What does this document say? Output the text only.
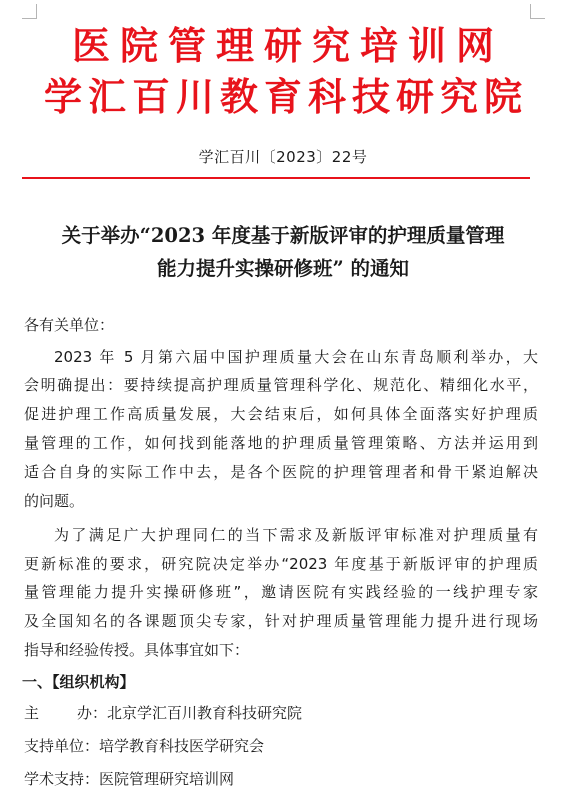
医院管理研究培训网
学汇百川教育科技研究院
学汇百川〔2023〕22号
关于举办“2023 年度基于新版评审的护理质量管理
能力提升实操研修班” 的通知
各有关单位：
2023 年 5 月第六届中国护理质量大会在山东青岛顺利举办，大
会明确提出：要持续提高护理质量管理科学化、规范化、精细化水平，
促进护理工作高质量发展，大会结束后，如何具体全面落实好护理质
量管理的工作，如何找到能落地的护理质量管理策略、方法并运用到
适合自身的实际工作中去，是各个医院的护理管理者和骨干紧迫解决
的问题。
为了满足广大护理同仁的当下需求及新版评审标准对护理质量有
更新标准的要求，研究院决定举办“2023 年度基于新版评审的护理质
量管理能力提升实操研修班”，邀请医院有实践经验的一线护理专家
及全国知名的各课题顶尖专家，针对护理质量管理能力提升进行现场
指导和经验传授。具体事宜如下：
一、【组织机构】
主办：北京学汇百川教育科技研究院
支持单位：培学教育科技医学研究会
学术支持：医院管理研究培训网
